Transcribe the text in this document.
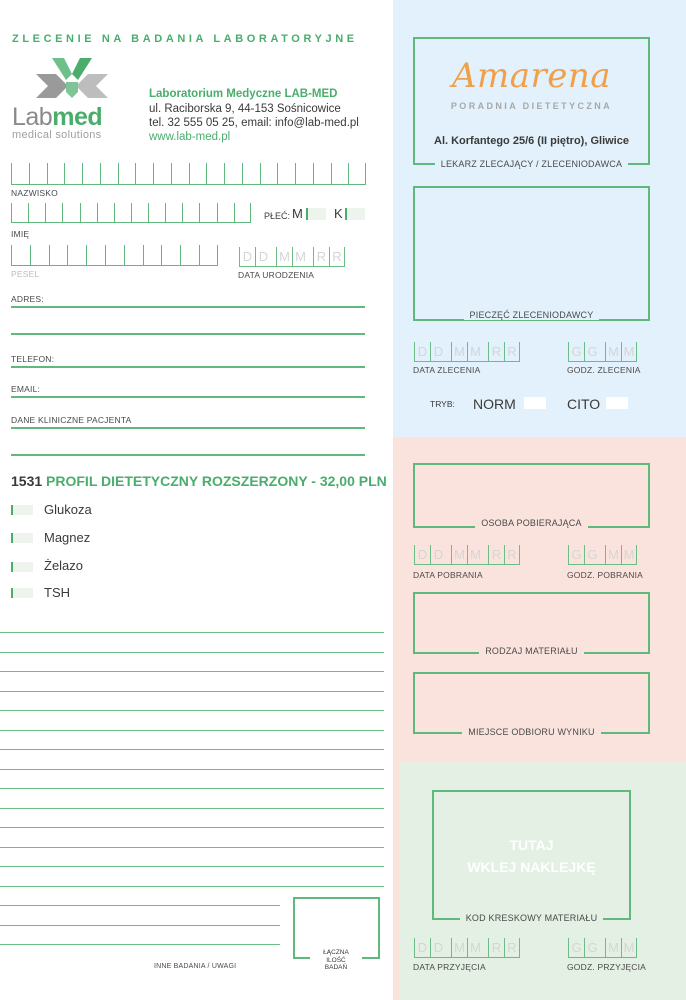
ZLECENIE NA BADANIA LABORATORYJNE
Labmed
medical solutions
Laboratorium Medyczne LAB-MED
ul. Raciborska 9, 44-153 Sośnicowice
tel. 32 555 05 25, email: info@lab-med.pl
www.lab-med.pl
NAZWISKO
IMIĘ
PŁEĆ: M K
PESEL
D D M M R R
DATA URODZENIA
ADRES:
TELEFON:
EMAIL:
DANE KLINICZNE PACJENTA
1531 PROFIL DIETETYCZNY ROZSZERZONY - 32,00 PLN
Glukoza
Magnez
Żelazo
TSH
INNE BADANIA / UWAGI
ŁĄCZNA
ILOŚĆ
BADAŃ
Amarena
PORADNIA DIETETYCZNA
Al. Korfantego 25/6 (II piętro), Gliwice
LEKARZ ZLECAJĄCY / ZLECENIODAWCA
PIECZĘĆ ZLECENIODAWCY
D D M M R R
DATA ZLECENIA
G G M M
GODZ. ZLECENIA
TRYB: NORM	CITO
OSOBA POBIERAJĄCA
D D M M R R
DATA POBRANIA
G G M M
GODZ. POBRANIA
RODZAJ MATERIAŁU
MIEJSCE ODBIORU WYNIKU
TUTAJ
WKLEJ NAKLEJKĘ
KOD KRESKOWY MATERIAŁU
D D M M R R
DATA PRZYJĘCIA
G G M M
GODZ. PRZYJĘCIA
